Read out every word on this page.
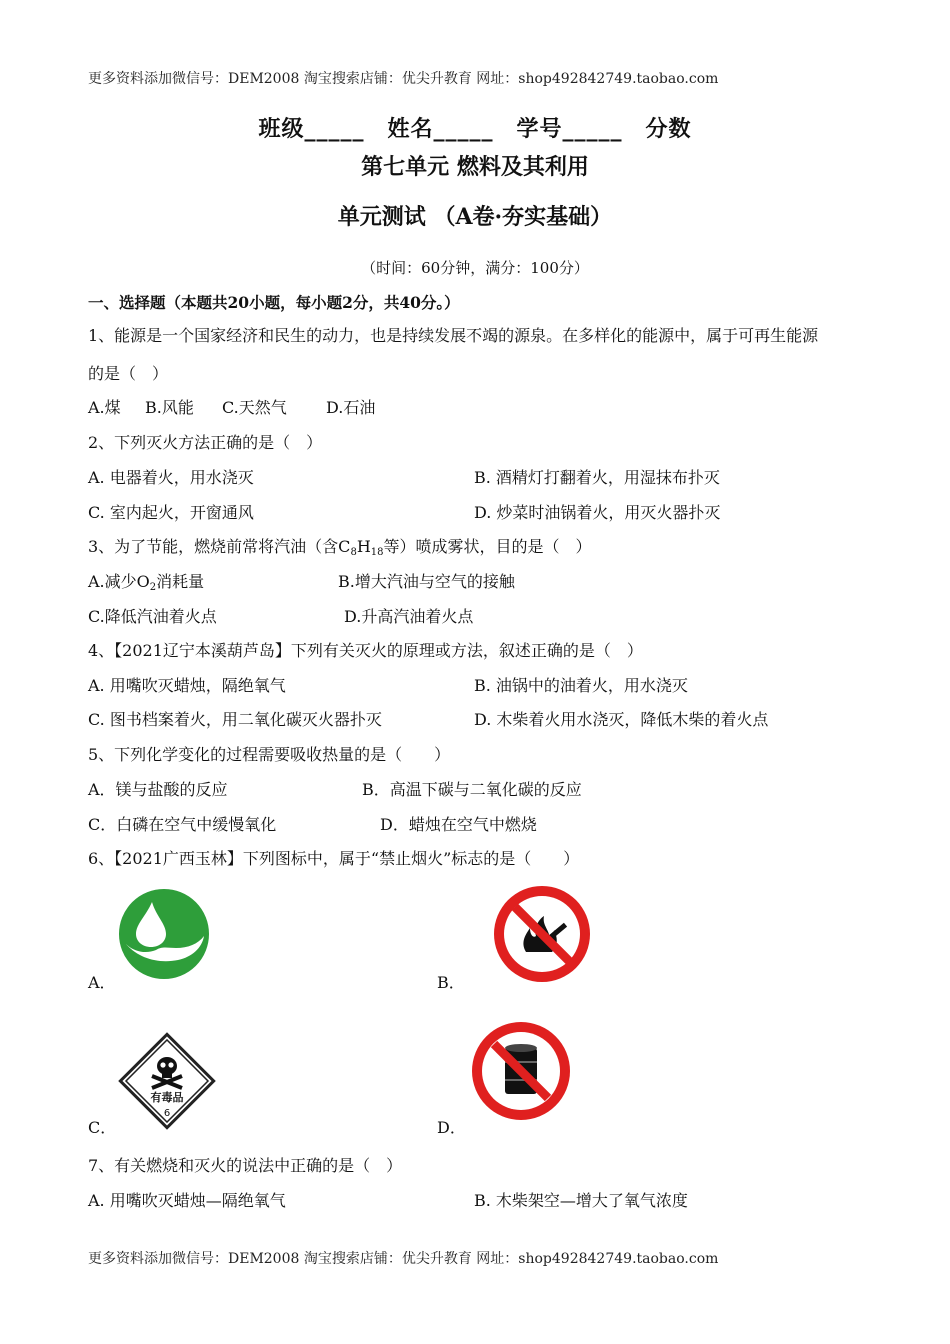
更多资料添加微信号：DEM2008 淘宝搜索店铺：优尖升教育 网址：shop492842749.taobao.com
班级_____　姓名_____　学号_____　分数
第七单元 燃料及其利用
单元测试 （A卷·夯实基础）
（时间：60分钟，满分：100分）
一、选择题（本题共20小题，每小题2分，共40分。）
1、能源是一个国家经济和民生的动力，也是持续发展不竭的源泉。在多样化的能源中，属于可再生能源
的是（　）
A.煤 B.风能 C.天然气 D.石油
2、下列灭火方法正确的是（　）
A. 电器着火，用水浇灭	B. 酒精灯打翻着火，用湿抹布扑灭
C. 室内起火，开窗通风	D. 炒菜时油锅着火，用灭火器扑灭
3、为了节能，燃烧前常将汽油（含$C_8H_{18}$等）喷成雾状，目的是（　）
A.减少$O_2$消耗量	B.增大汽油与空气的接触
C.降低汽油着火点	D.升高汽油着火点
4、【2021辽宁本溪葫芦岛】下列有关灭火的原理或方法，叙述正确的是（　）
A. 用嘴吹灭蜡烛，隔绝氧气	B. 油锅中的油着火，用水浇灭
C. 图书档案着火，用二氧化碳灭火器扑灭	D. 木柴着火用水浇灭，降低木柴的着火点
5、下列化学变化的过程需要吸收热量的是（　　）
A．镁与盐酸的反应	B．高温下碳与二氧化碳的反应
C．白磷在空气中缓慢氧化	D．蜡烛在空气中燃烧
6、【2021广西玉林】下列图标中，属于“禁止烟火”标志的是（　　）
A．	B．
有毒品
6
C．	D．
7、有关燃烧和灭火的说法中正确的是（　）
A. 用嘴吹灭蜡烛—隔绝氧气	B. 木柴架空—增大了氧气浓度
更多资料添加微信号：DEM2008 淘宝搜索店铺：优尖升教育 网址：shop492842749.taobao.com
